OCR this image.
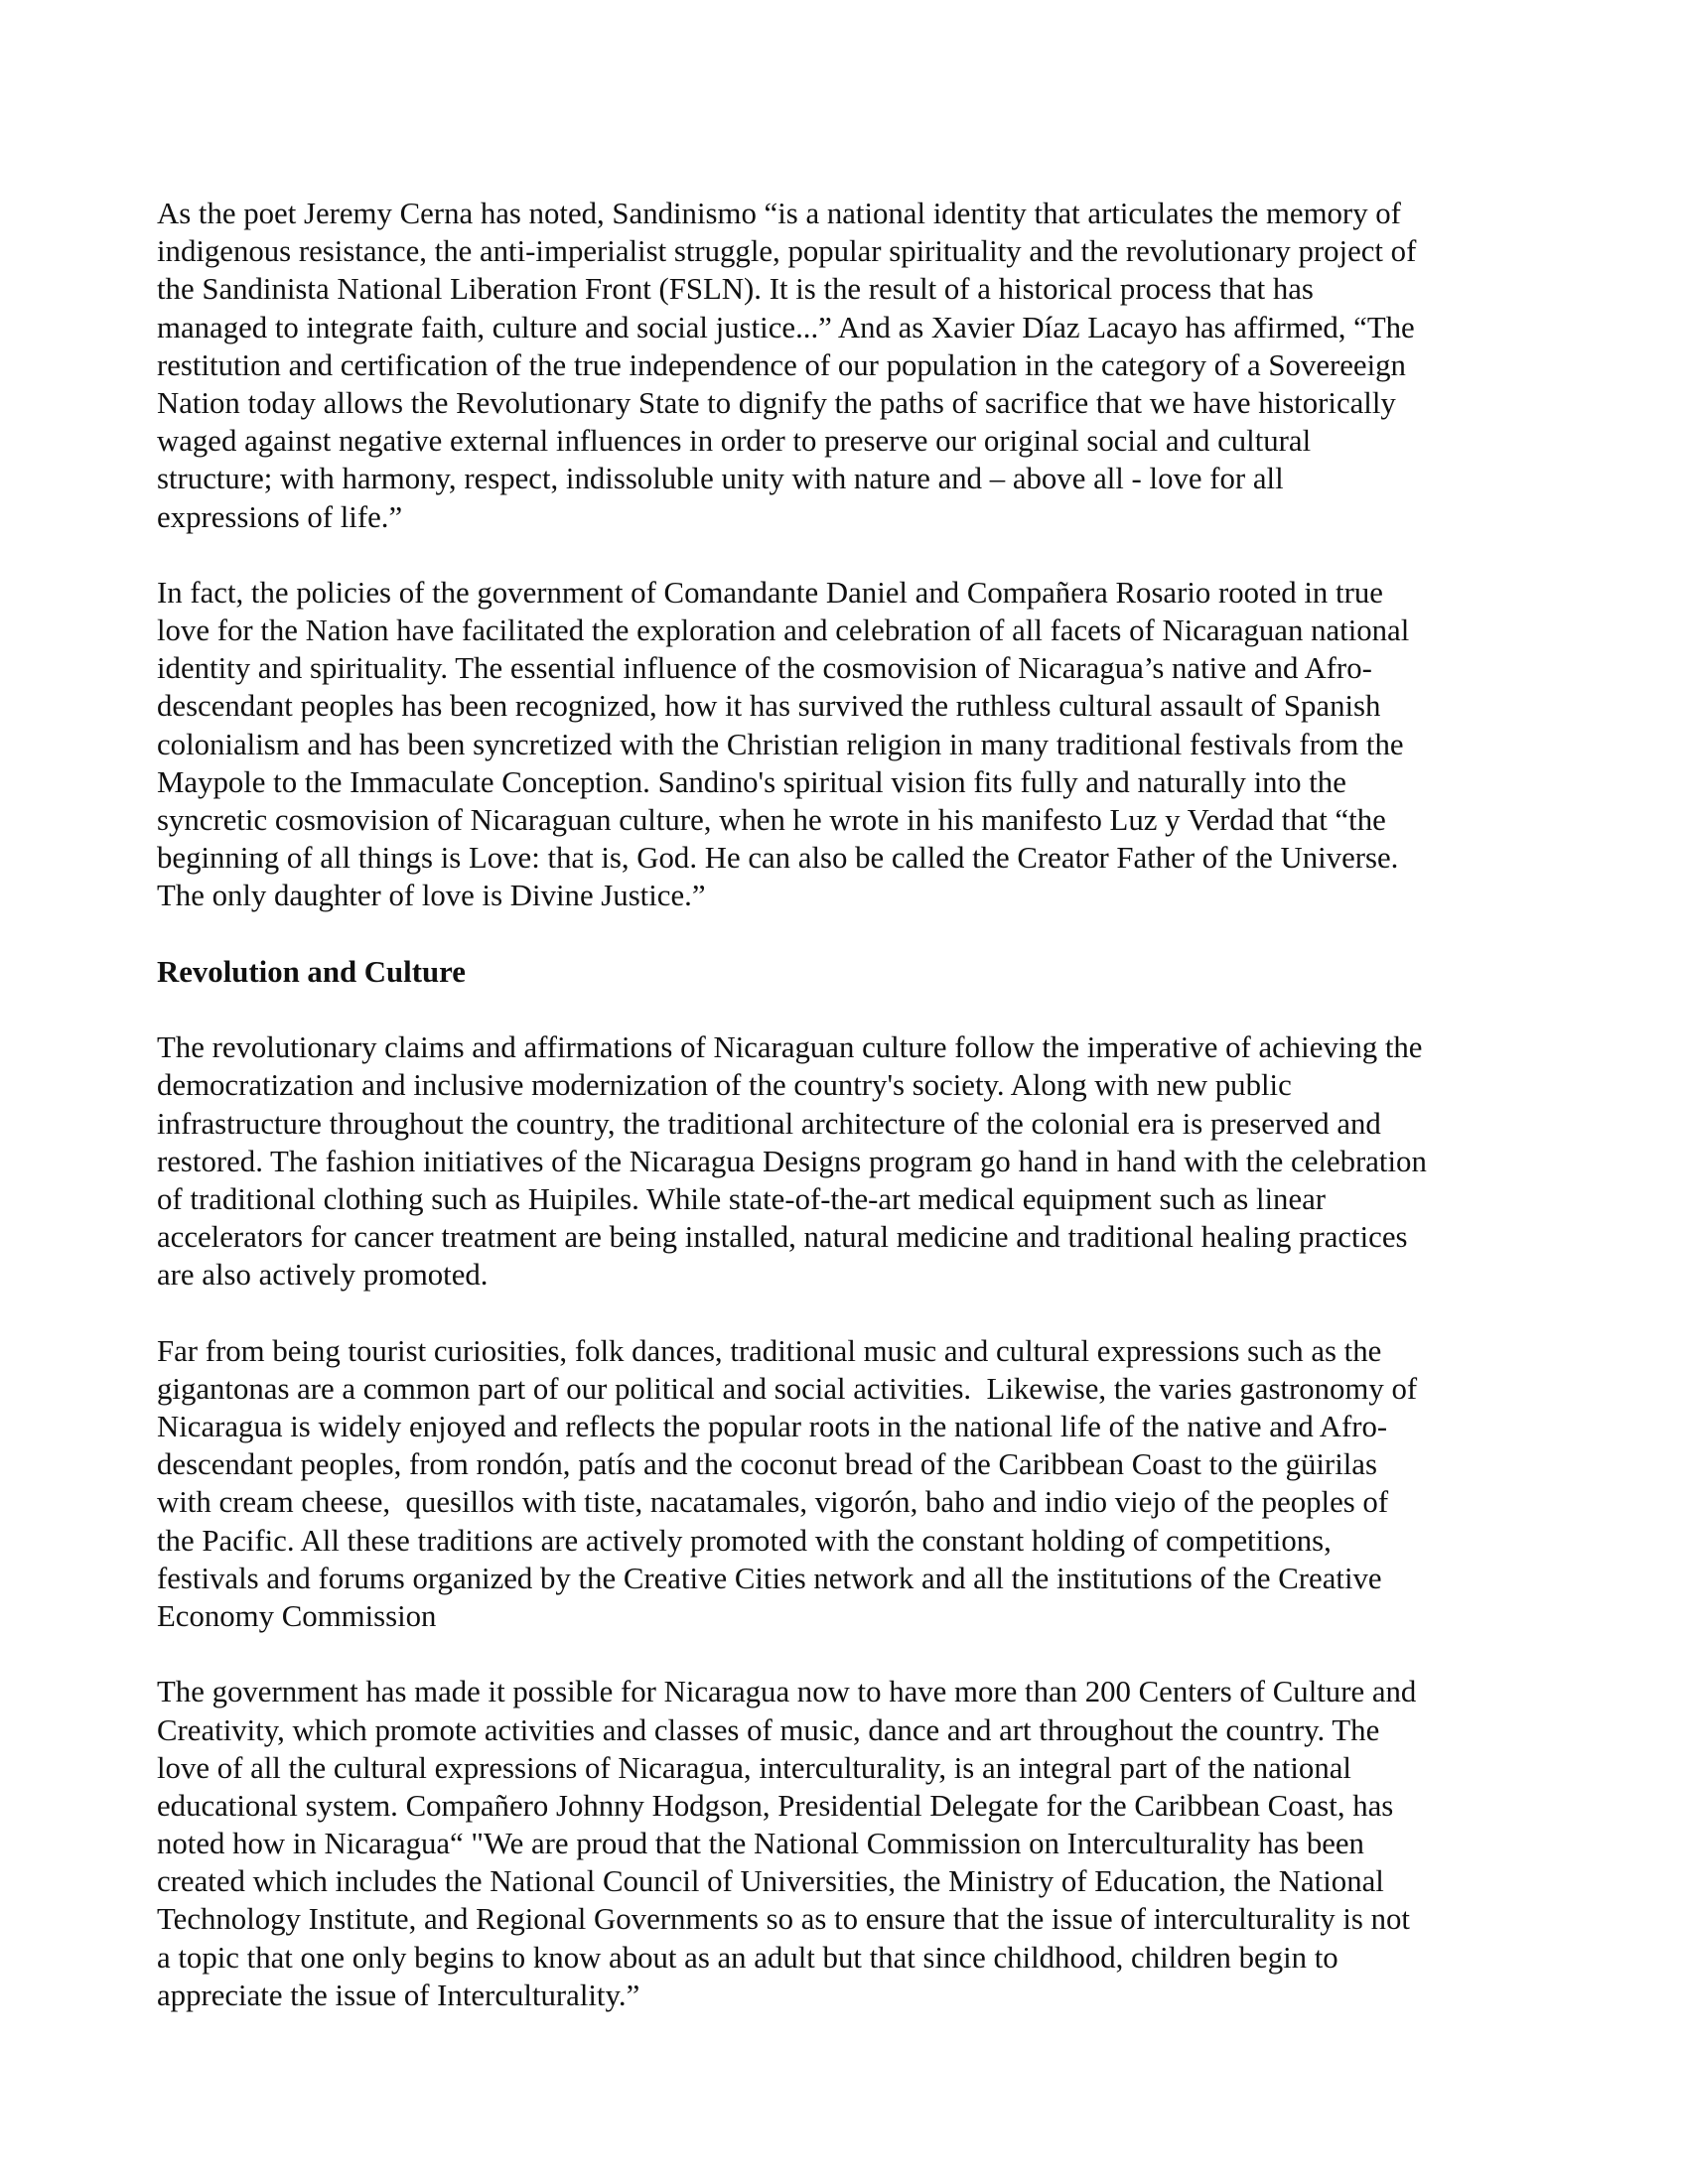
As the poet Jeremy Cerna has noted, Sandinismo “is a national identity that articulates the memory of
indigenous resistance, the anti-imperialist struggle, popular spirituality and the revolutionary project of
the Sandinista National Liberation Front (FSLN). It is the result of a historical process that has
managed to integrate faith, culture and social justice...” And as Xavier Díaz Lacayo has affirmed, “The
restitution and certification of the true independence of our population in the category of a Sovereeign
Nation today allows the Revolutionary State to dignify the paths of sacrifice that we have historically
waged against negative external influences in order to preserve our original social and cultural
structure; with harmony, respect, indissoluble unity with nature and – above all - love for all
expressions of life.”
In fact, the policies of the government of Comandante Daniel and Compañera Rosario rooted in true
love for the Nation have facilitated the exploration and celebration of all facets of Nicaraguan national
identity and spirituality. The essential influence of the cosmovision of Nicaragua’s native and Afro-
descendant peoples has been recognized, how it has survived the ruthless cultural assault of Spanish
colonialism and has been syncretized with the Christian religion in many traditional festivals from the
Maypole to the Immaculate Conception. Sandino's spiritual vision fits fully and naturally into the
syncretic cosmovision of Nicaraguan culture, when he wrote in his manifesto Luz y Verdad that “the
beginning of all things is Love: that is, God. He can also be called the Creator Father of the Universe.
The only daughter of love is Divine Justice.”
Revolution and Culture
The revolutionary claims and affirmations of Nicaraguan culture follow the imperative of achieving the
democratization and inclusive modernization of the country's society. Along with new public
infrastructure throughout the country, the traditional architecture of the colonial era is preserved and
restored. The fashion initiatives of the Nicaragua Designs program go hand in hand with the celebration
of traditional clothing such as Huipiles. While state-of-the-art medical equipment such as linear
accelerators for cancer treatment are being installed, natural medicine and traditional healing practices
are also actively promoted.
Far from being tourist curiosities, folk dances, traditional music and cultural expressions such as the
gigantonas are a common part of our political and social activities.  Likewise, the varies gastronomy of
Nicaragua is widely enjoyed and reflects the popular roots in the national life of the native and Afro-
descendant peoples, from rondón, patís and the coconut bread of the Caribbean Coast to the güirilas
with cream cheese,  quesillos with tiste, nacatamales, vigorón, baho and indio viejo of the peoples of
the Pacific. All these traditions are actively promoted with the constant holding of competitions,
festivals and forums organized by the Creative Cities network and all the institutions of the Creative
Economy Commission
The government has made it possible for Nicaragua now to have more than 200 Centers of Culture and
Creativity, which promote activities and classes of music, dance and art throughout the country. The
love of all the cultural expressions of Nicaragua, interculturality, is an integral part of the national
educational system. Compañero Johnny Hodgson, Presidential Delegate for the Caribbean Coast, has
noted how in Nicaragua“ "We are proud that the National Commission on Interculturality has been
created which includes the National Council of Universities, the Ministry of Education, the National
Technology Institute, and Regional Governments so as to ensure that the issue of interculturality is not
a topic that one only begins to know about as an adult but that since childhood, children begin to
appreciate the issue of Interculturality.”
